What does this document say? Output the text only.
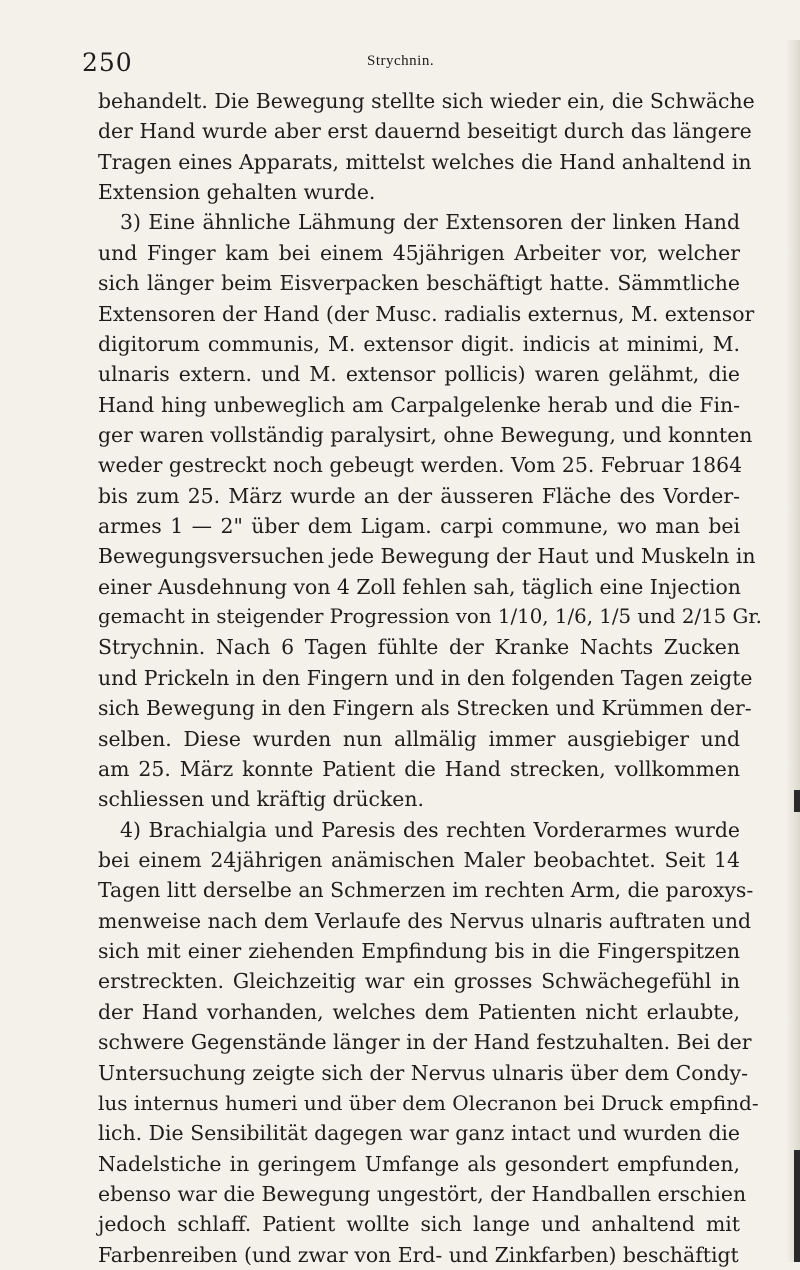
250	Strychnin.
behandelt. Die Bewegung stellte sich wieder ein, die Schwäche
der Hand wurde aber erst dauernd beseitigt durch das längere
Tragen eines Apparats, mittelst welches die Hand anhaltend in
Extension gehalten wurde.
3) Eine ähnliche Lähmung der Extensoren der linken Hand
und Finger kam bei einem 45jährigen Arbeiter vor, welcher
sich länger beim Eisverpacken beschäftigt hatte. Sämmtliche
Extensoren der Hand (der Musc. radialis externus, M. extensor
digitorum communis, M. extensor digit. indicis at minimi, M.
ulnaris extern. und M. extensor pollicis) waren gelähmt, die
Hand hing unbeweglich am Carpalgelenke herab und die Fin-
ger waren vollständig paralysirt, ohne Bewegung, und konnten
weder gestreckt noch gebeugt werden. Vom 25. Februar 1864
bis zum 25. März wurde an der äusseren Fläche des Vorder-
armes 1 — 2" über dem Ligam. carpi commune, wo man bei
Bewegungsversuchen jede Bewegung der Haut und Muskeln in
einer Ausdehnung von 4 Zoll fehlen sah, täglich eine Injection
gemacht in steigender Progression von 1/10, 1/6, 1/5 und 2/15 Gr.
Strychnin. Nach 6 Tagen fühlte der Kranke Nachts Zucken
und Prickeln in den Fingern und in den folgenden Tagen zeigte
sich Bewegung in den Fingern als Strecken und Krümmen der-
selben. Diese wurden nun allmälig immer ausgiebiger und
am 25. März konnte Patient die Hand strecken, vollkommen
schliessen und kräftig drücken.
4) Brachialgia und Paresis des rechten Vorderarmes wurde
bei einem 24jährigen anämischen Maler beobachtet. Seit 14
Tagen litt derselbe an Schmerzen im rechten Arm, die paroxys-
menweise nach dem Verlaufe des Nervus ulnaris auftraten und
sich mit einer ziehenden Empfindung bis in die Fingerspitzen
erstreckten. Gleichzeitig war ein grosses Schwächegefühl in
der Hand vorhanden, welches dem Patienten nicht erlaubte,
schwere Gegenstände länger in der Hand festzuhalten. Bei der
Untersuchung zeigte sich der Nervus ulnaris über dem Condy-
lus internus humeri und über dem Olecranon bei Druck empfind-
lich. Die Sensibilität dagegen war ganz intact und wurden die
Nadelstiche in geringem Umfange als gesondert empfunden,
ebenso war die Bewegung ungestört, der Handballen erschien
jedoch schlaff. Patient wollte sich lange und anhaltend mit
Farbenreiben (und zwar von Erd- und Zinkfarben) beschäftigt
